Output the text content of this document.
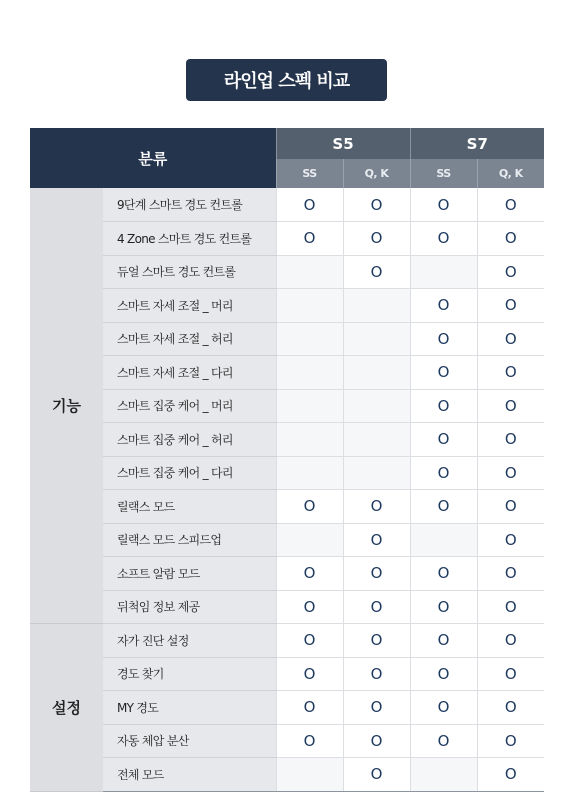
라인업 스펙 비교
분류		S5		S7	
		SS	Q, K	SS	Q, K
기능	9단계 스마트 경도 컨트롤	O	O	O	O
	4 Zone 스마트 경도 컨트롤	O	O	O	O
	듀얼 스마트 경도 컨트롤		O		O
	스마트 자세 조절 _ 머리			O	O
	스마트 자세 조절 _ 허리			O	O
	스마트 자세 조절 _ 다리			O	O
	스마트 집중 케어 _ 머리			O	O
	스마트 집중 케어 _ 허리			O	O
	스마트 집중 케어 _ 다리			O	O
	릴랙스 모드	O	O	O	O
	릴랙스 모드 스피드업		O		O
	소프트 알람 모드	O	O	O	O
	뒤척임 정보 제공	O	O	O	O
설정	자가 진단 설정	O	O	O	O
	경도 찾기	O	O	O	O
	MY 경도	O	O	O	O
	자동 체압 분산	O	O	O	O
	전체 모드		O		O
